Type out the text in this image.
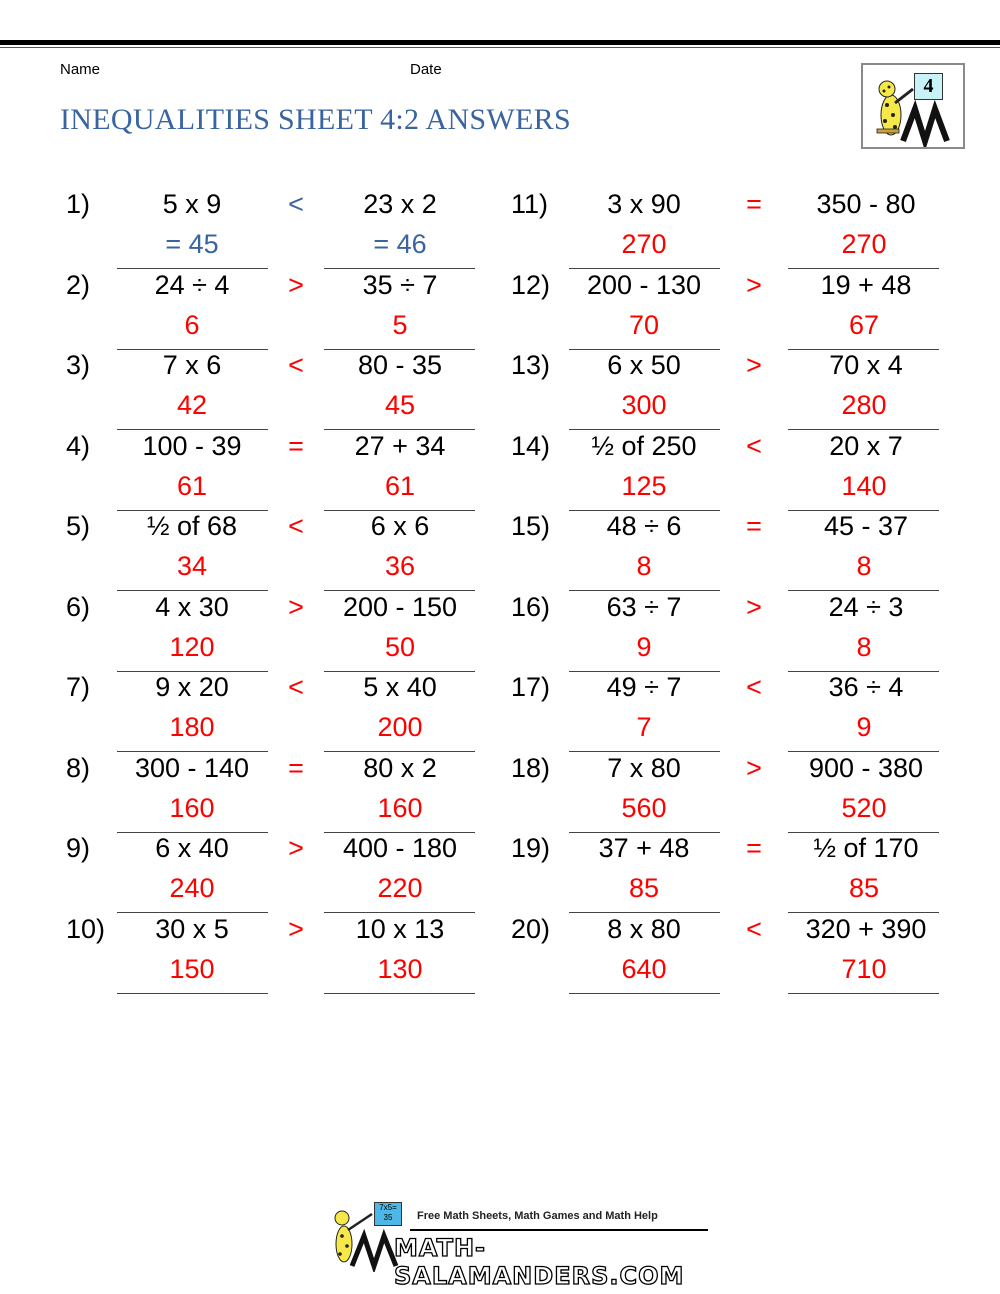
Name	Date
INEQUALITIES SHEET 4:2 ANSWERS
4
1)	5 x 9	<	23 x 2
= 45	= 46
2)	24 ÷ 4	>	35 ÷ 7
6	5
3)	7 x 6	<	80 - 35
42	45
4)	100 - 39	=	27 + 34
61	61
5)	½ of 68	<	6 x 6
34	36
6)	4 x 30	>	200 - 150
120	50
7)	9 x 20	<	5 x 40
180	200
8)	300 - 140	=	80 x 2
160	160
9)	6 x 40	>	400 - 180
240	220
10)	30 x 5	>	10 x 13
150	130
11)	3 x 90	=	350 - 80
270	270
12)	200 - 130	>	19 + 48
70	67
13)	6 x 50	>	70 x 4
300	280
14)	½ of 250	<	20 x 7
125	140
15)	48 ÷ 6	=	45 - 37
8	8
16)	63 ÷ 7	>	24 ÷ 3
9	8
17)	49 ÷ 7	<	36 ÷ 4
7	9
18)	7 x 80	>	900 - 380
560	520
19)	37 + 48	=	½ of 170
85	85
20)	8 x 80	<	320 + 390
640	710
7x5= 35	Free Math Sheets, Math Games and Math Help
MATH-SALAMANDERS.COM
